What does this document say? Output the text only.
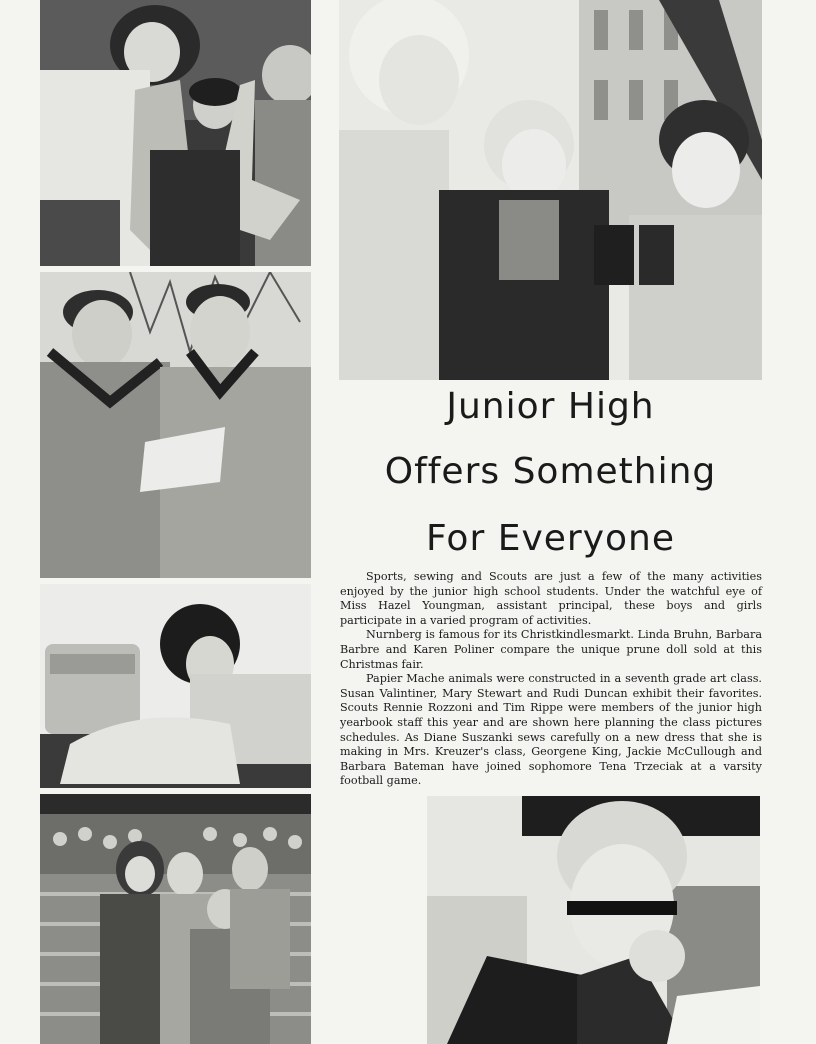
Junior High
Offers Something
For Everyone

Sports, sewing and Scouts are just a few of the many activities enjoyed by the junior high school students. Under the watchful eye of Miss Hazel Youngman, assistant principal, these boys and girls participate in a varied program of activities.

Nurnberg is famous for its Christkindlesmarkt. Linda Bruhn, Barbara Barbre and Karen Poliner compare the unique prune doll sold at this Christmas fair.

Papier Mache animals were constructed in a seventh grade art class. Susan Valintiner, Mary Stewart and Rudi Duncan exhibit their favorites. Scouts Rennie Rozzoni and Tim Rippe were members of the junior high yearbook staff this year and are shown here planning the class pictures schedules. As Diane Suszanki sews carefully on a new dress that she is making in Mrs. Kreuzer's class, Georgene King, Jackie McCullough and Barbara Bateman have joined sophomore Tena Trzeciak at a varsity football game.
